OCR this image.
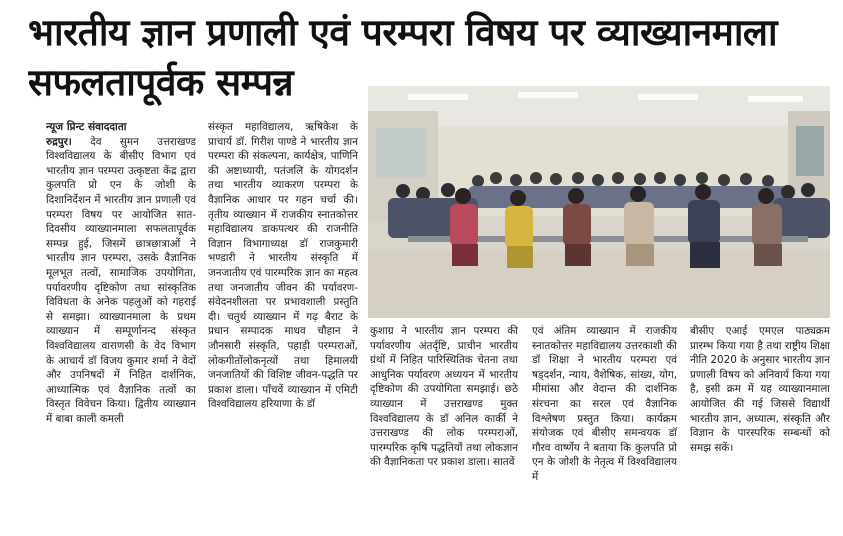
भारतीय ज्ञान प्रणाली एवं परम्परा विषय पर व्याख्यानमाला
सफलतापूर्वक सम्पन्न

न्यूज प्रिन्ट संवाददाता
रुद्रपुर। देव सुमन उत्तराखण्ड विश्वविद्यालय के बीसीए विभाग एवं भारतीय ज्ञान परम्परा उत्कृष्टता केंद्र द्वारा कुलपति प्रो एन के जोशी के दिशानिर्देशन में भारतीय ज्ञान प्रणाली एवं परम्परा विषय पर आयोजित सात-दिवसीय व्याख्यानमाला सफलतापूर्वक सम्पन्न हुई, जिसमें छात्रछात्राओं ने भारतीय ज्ञान परम्परा, उसके वैज्ञानिक मूलभूत तत्वों, सामाजिक उपयोगिता, पर्यावरणीय दृष्टिकोण तथा सांस्कृतिक विविधता के अनेक पहलुओं को गहराई से समझा। व्याख्यानमाला के प्रथम व्याख्यान में सम्पूर्णानन्द संस्कृत विश्वविद्यालय वाराणसी के वेद विभाग के आचार्य डॉ विजय कुमार शर्मा ने वेदों और उपनिषदों में निहित दार्शनिक, आध्यात्मिक एवं वैज्ञानिक तत्वों का विस्तृत विवेचन किया। द्वितीय व्याख्यान में बाबा काली कमली

संस्कृत महाविद्यालय, ऋषिकेश के प्राचार्य डॉ. गिरीश पाण्डे ने भारतीय ज्ञान परम्परा की संकल्पना, कार्यक्षेत्र, पाणिनि की अष्टाध्यायी, पतंजलि के योगदर्शन तथा भारतीय व्याकरण परम्परा के वैज्ञानिक आधार पर गहन चर्चा की। तृतीय व्याख्यान में राजकीय स्नातकोत्तर महाविद्यालय डाकपत्थर की राजनीति विज्ञान विभागाध्यक्ष डॉ राजकुमारी भण्डारी ने भारतीय संस्कृति में जनजातीय एवं पारम्परिक ज्ञान का महत्व तथा जनजातीय जीवन की पर्यावरण-संवेदनशीलता पर प्रभावशाली प्रस्तुति दी। चतुर्थ व्याख्यान में गढ़ बैराट के प्रधान सम्पादक माधव चौहान ने जौनसारी संस्कृति, पहाड़ी परम्पराओं, लोकगीतोंलोकनृत्यों तथा हिमालयी जनजातियों की विशिष्ट जीवन-पद्धति पर प्रकाश डाला। पाँचवें व्याख्यान में एमिटी विश्वविद्यालय हरियाणा के डॉ

कुशाग्र ने भारतीय ज्ञान परम्परा की पर्यावरणीय अंतर्दृष्टि, प्राचीन भारतीय ग्रंथों में निहित पारिस्थितिक चेतना तथा आधुनिक पर्यावरण अध्ययन में भारतीय दृष्टिकोण की उपयोगिता समझाई। छठे व्याख्यान में उत्तराखण्ड मुक्त विश्वविद्यालय के डॉ अनिल कार्की ने उत्तराखण्ड की लोक परम्पराओं, पारम्परिक कृषि पद्धतियों तथा लोकज्ञान की वैज्ञानिकता पर प्रकाश डाला। सातवें

एवं अंतिम व्याख्यान में राजकीय स्नातकोत्तर महाविद्यालय उत्तरकाशी की डॉ शिक्षा ने भारतीय परम्परा एवं षड्दर्शन, न्याय, वैशेषिक, सांख्य, योग, मीमांसा और वेदान्त की दार्शनिक संरचना का सरल एवं वैज्ञानिक विश्लेषण प्रस्तुत किया। कार्यक्रम संयोजक एवं बीसीए समन्वयक डॉ गौरव वार्ष्णेय ने बताया कि कुलपति प्रो एन के जोशी के नेतृत्व में विश्वविद्यालय में

बीसीए एआई एमएल पाठ्यक्रम प्रारम्भ किया गया है तथा राष्ट्रीय शिक्षा नीति 2020 के अनुसार भारतीय ज्ञान प्रणाली विषय को अनिवार्य किया गया है, इसी क्रम में यह व्याख्यानमाला आयोजित की गई जिससे विद्यार्थी भारतीय ज्ञान, अध्यात्म, संस्कृति और विज्ञान के पारस्परिक सम्बन्धों को समझ सकें।
